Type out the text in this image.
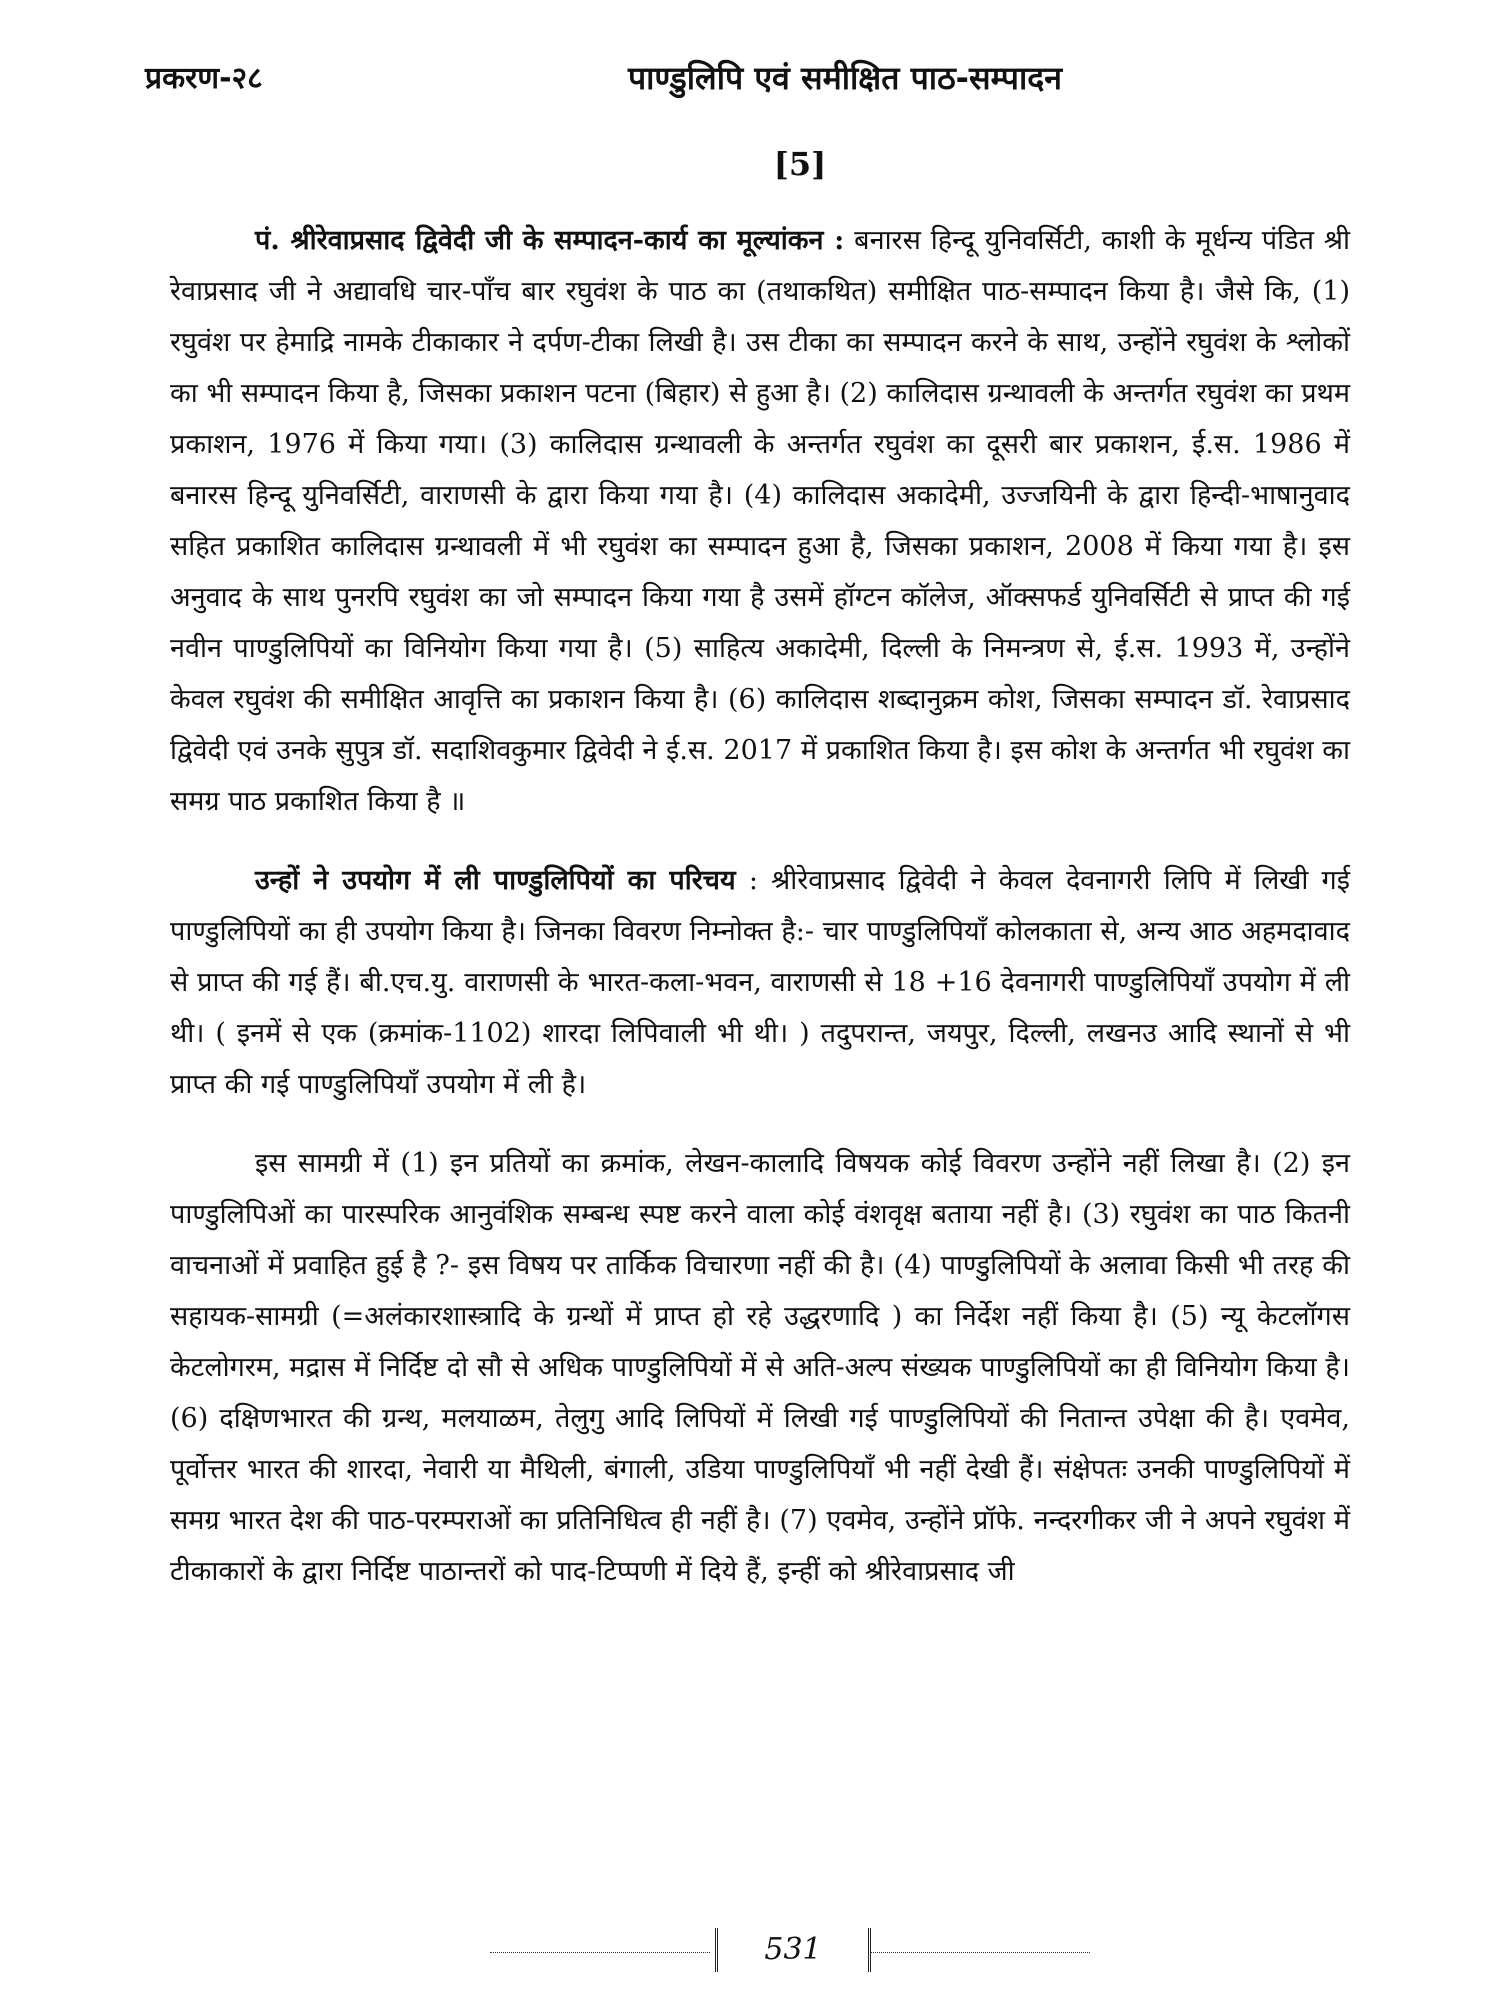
प्रकरण-२८	पाण्डुलिपि एवं समीक्षित पाठ-सम्पादन
[5]

पं. श्रीरेवाप्रसाद द्विवेदी जी के सम्पादन-कार्य का मूल्यांकन : बनारस हिन्दू युनिवर्सिटी, काशी के मूर्धन्य पंडित श्री रेवाप्रसाद जी ने अद्यावधि चार-पाँच बार रघुवंश के पाठ का (तथाकथित) समीक्षित पाठ-सम्पादन किया है। जैसे कि, (1) रघुवंश पर हेमाद्रि नामके टीकाकार ने दर्पण-टीका लिखी है। उस टीका का सम्पादन करने के साथ, उन्होंने रघुवंश के श्लोकों का भी सम्पादन किया है, जिसका प्रकाशन पटना (बिहार) से हुआ है। (2) कालिदास ग्रन्थावली के अन्तर्गत रघुवंश का प्रथम प्रकाशन, 1976 में किया गया। (3) कालिदास ग्रन्थावली के अन्तर्गत रघुवंश का दूसरी बार प्रकाशन, ई.स. 1986 में बनारस हिन्दू युनिवर्सिटी, वाराणसी के द्वारा किया गया है। (4) कालिदास अकादेमी, उज्जयिनी के द्वारा हिन्दी-भाषानुवाद सहित प्रकाशित कालिदास ग्रन्थावली में भी रघुवंश का सम्पादन हुआ है, जिसका प्रकाशन, 2008 में किया गया है। इस अनुवाद के साथ पुनरपि रघुवंश का जो सम्पादन किया गया है उसमें हॉग्टन कॉलेज, ऑक्सफर्ड युनिवर्सिटी से प्राप्त की गई नवीन पाण्डुलिपियों का विनियोग किया गया है। (5) साहित्य अकादेमी, दिल्ली के निमन्त्रण से, ई.स. 1993 में, उन्होंने केवल रघुवंश की समीक्षित आवृत्ति का प्रकाशन किया है। (6) कालिदास शब्दानुक्रम कोश, जिसका सम्पादन डॉ. रेवाप्रसाद द्विवेदी एवं उनके सुपुत्र डॉ. सदाशिवकुमार द्विवेदी ने ई.स. 2017 में प्रकाशित किया है। इस कोश के अन्तर्गत भी रघुवंश का समग्र पाठ प्रकाशित किया है ॥

उन्हों ने उपयोग में ली पाण्डुलिपियों का परिचय : श्रीरेवाप्रसाद द्विवेदी ने केवल देवनागरी लिपि में लिखी गई पाण्डुलिपियों का ही उपयोग किया है। जिनका विवरण निम्नोक्त है:- चार पाण्डुलिपियाँ कोलकाता से, अन्य आठ अहमदावाद से प्राप्त की गई हैं। बी.एच.यु. वाराणसी के भारत-कला-भवन, वाराणसी से 18 +16 देवनागरी पाण्डुलिपियाँ उपयोग में ली थी। ( इनमें से एक (क्रमांक-1102) शारदा लिपिवाली भी थी। ) तदुपरान्त, जयपुर, दिल्ली, लखनउ आदि स्थानों से भी प्राप्त की गई पाण्डुलिपियाँ उपयोग में ली है।

इस सामग्री में (1) इन प्रतियों का क्रमांक, लेखन-कालादि विषयक कोई विवरण उन्होंने नहीं लिखा है। (2) इन पाण्डुलिपिओं का पारस्परिक आनुवंशिक सम्बन्ध स्पष्ट करने वाला कोई वंशवृक्ष बताया नहीं है। (3) रघुवंश का पाठ कितनी वाचनाओं में प्रवाहित हुई है ?- इस विषय पर तार्किक विचारणा नहीं की है। (4) पाण्डुलिपियों के अलावा किसी भी तरह की सहायक-सामग्री (=अलंकारशास्त्रादि के ग्रन्थों में प्राप्त हो रहे उद्धरणादि ) का निर्देश नहीं किया है। (5) न्यू केटलॉगस केटलोगरम, मद्रास में निर्दिष्ट दो सौ से अधिक पाण्डुलिपियों में से अति-अल्प संख्यक पाण्डुलिपियों का ही विनियोग किया है। (6) दक्षिणभारत की ग्रन्थ, मलयाळम, तेलुगु आदि लिपियों में लिखी गई पाण्डुलिपियों की नितान्त उपेक्षा की है। एवमेव, पूर्वोत्तर भारत की शारदा, नेवारी या मैथिली, बंगाली, उडिया पाण्डुलिपियाँ भी नहीं देखी हैं। संक्षेपतः उनकी पाण्डुलिपियों में समग्र भारत देश की पाठ-परम्पराओं का प्रतिनिधित्व ही नहीं है। (7) एवमेव, उन्होंने प्रॉफे. नन्दरगीकर जी ने अपने रघुवंश में टीकाकारों के द्वारा निर्दिष्ट पाठान्तरों को पाद-टिप्पणी में दिये हैं, इन्हीं को श्रीरेवाप्रसाद जी

531
